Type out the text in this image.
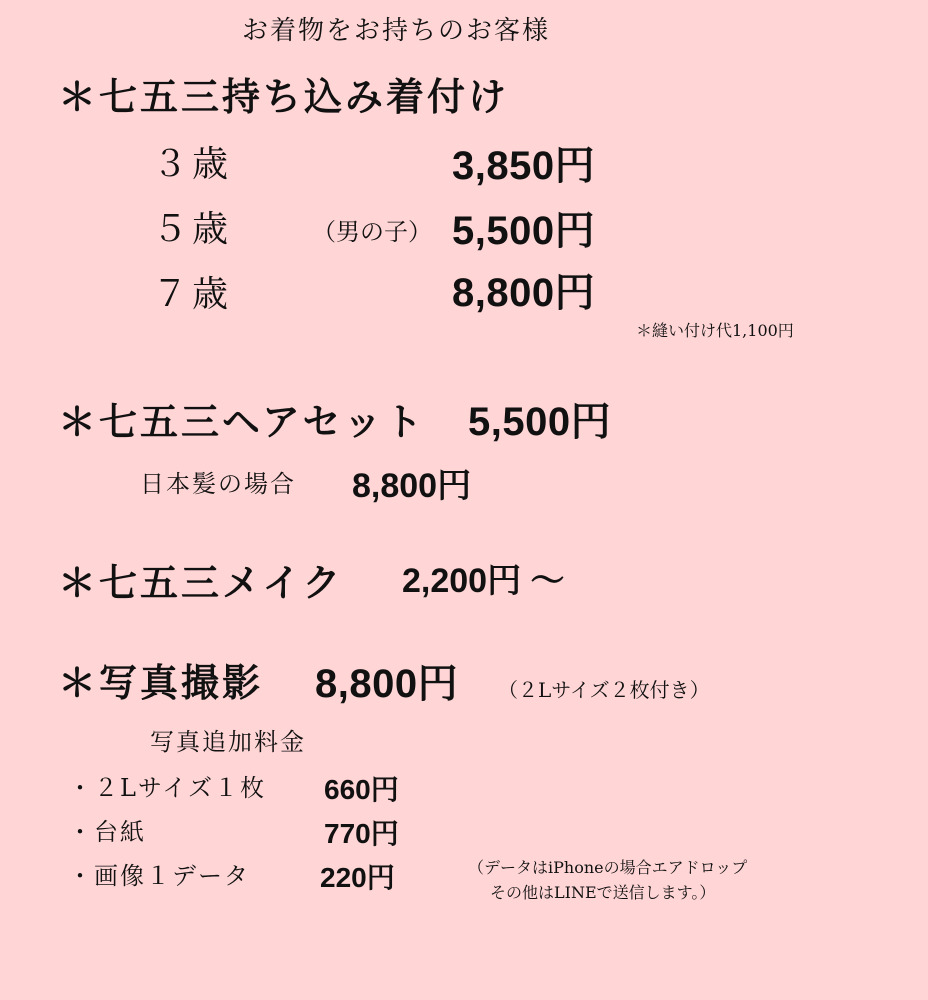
お着物をお持ちのお客様
＊七五三持ち込み着付け
３歳	3,850円
５歳	（男の子） 5,500円
７歳	8,800円
＊縫い付け代1,100円
＊七五三ヘアセット 5,500円
日本髪の場合 8,800円
＊七五三メイク 2,200円 〜
＊写真撮影 8,800円 （２Lサイズ２枚付き）
写真追加料金
・２Lサイズ１枚 660円
・台紙	770円
・画像１データ	220円	（データはiPhoneの場合エアドロップ
その他はLINEで送信します。）
